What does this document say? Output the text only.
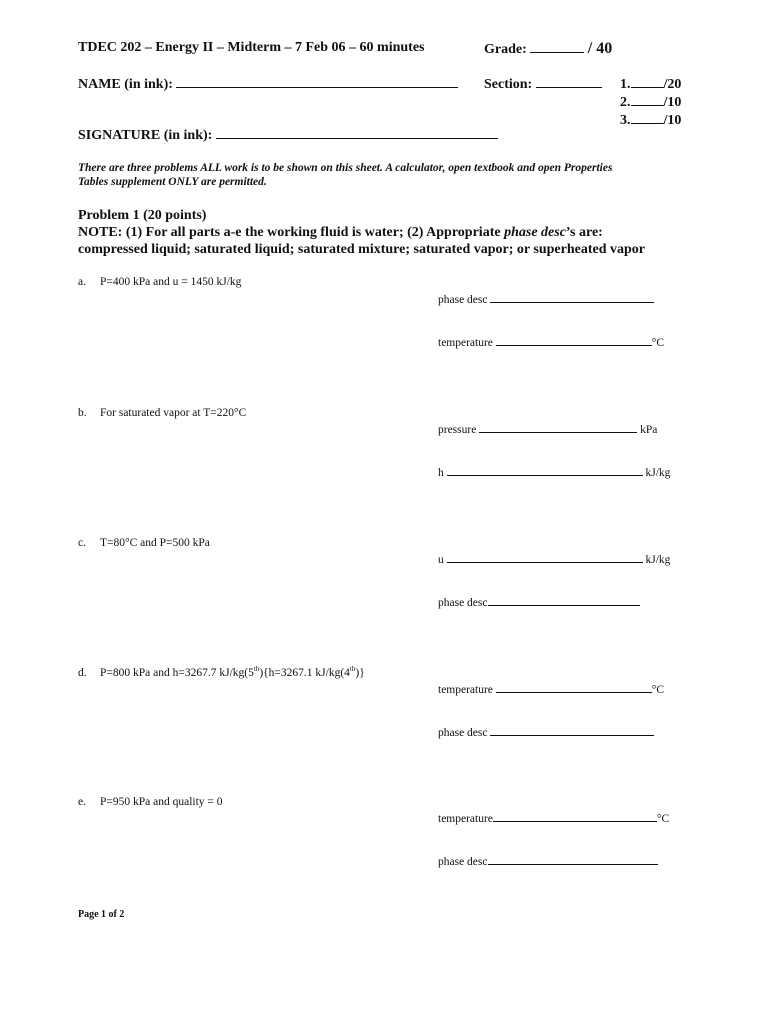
TDEC 202 – Energy II – Midterm – 7 Feb 06 – 60 minutes	Grade:	/ 40
NAME (in ink):	Section:	1. /20
2. /10
3. /10
SIGNATURE (in ink):
There are three problems ALL work is to be shown on this sheet. A calculator, open textbook and open Properties
Tables supplement ONLY are permitted.
Problem 1 (20 points)
NOTE: (1) For all parts a-e the working fluid is water; (2) Appropriate phase desc’s are:
compressed liquid; saturated liquid; saturated mixture; saturated vapor; or superheated vapor
a. P=400 kPa and u = 1450 kJ/kg
phase desc
temperature	°C
b. For saturated vapor at T=220°C
pressure	kPa
h	kJ/kg
c. T=80°C and P=500 kPa
u	kJ/kg
phase desc
d. P=800 kPa and h=3267.7 kJ/kg(5th){h=3267.1 kJ/kg(4th)}
temperature	°C
phase desc
e. P=950 kPa and quality = 0
temperature	°C
phase desc
Page 1 of 2
